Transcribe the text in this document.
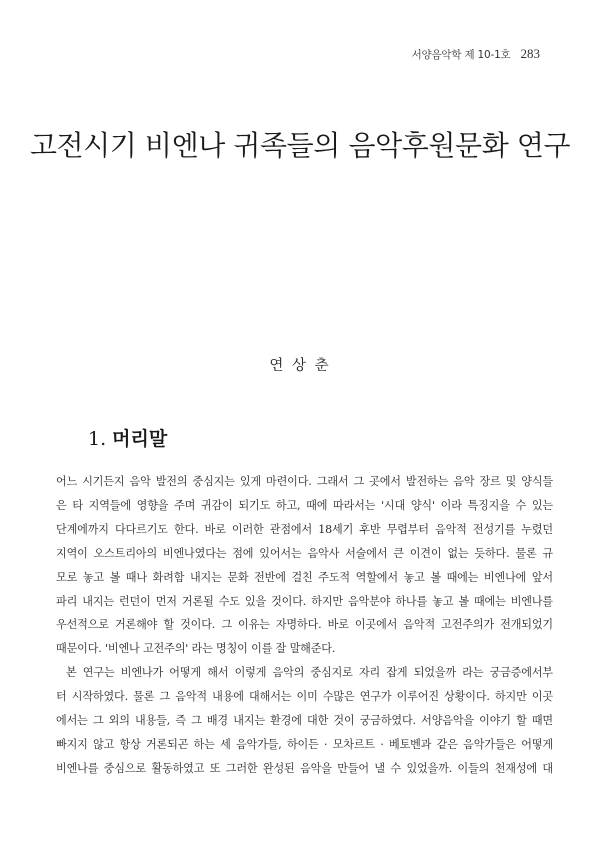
서양음악학 제 10-1호 283
고전시기 비엔나 귀족들의 음악후원문화 연구
연 상 춘
1. 머리말
어느 시기든지 음악 발전의 중심지는 있게 마련이다. 그래서 그 곳에서 발전하는 음악 장르 및 양식들
은 타 지역들에 영향을 주며 귀감이 되기도 하고, 때에 따라서는 '시대 양식' 이라 특징지을 수 있는
단계에까지 다다르기도 한다. 바로 이러한 관점에서 18세기 후반 무렵부터 음악적 전성기를 누렸던
지역이 오스트리아의 비엔나였다는 점에 있어서는 음악사 서술에서 큰 이견이 없는 듯하다. 물론 규
모로 놓고 볼 때나 화려함 내지는 문화 전반에 걸친 주도적 역할에서 놓고 볼 때에는 비엔나에 앞서
파리 내지는 런던이 먼저 거론될 수도 있을 것이다. 하지만 음악분야 하나를 놓고 볼 때에는 비엔나를
우선적으로 거론해야 할 것이다. 그 이유는 자명하다. 바로 이곳에서 음악적 고전주의가 전개되었기
때문이다. '비엔나 고전주의' 라는 명칭이 이를 잘 말해준다.
본 연구는 비엔나가 어떻게 해서 이렇게 음악의 중심지로 자리 잡게 되었을까 라는 궁금증에서부
터 시작하였다. 물론 그 음악적 내용에 대해서는 이미 수많은 연구가 이루어진 상황이다. 하지만 이곳
에서는 그 외의 내용들, 즉 그 배경 내지는 환경에 대한 것이 궁금하였다. 서양음악을 이야기 할 때면
빠지지 않고 항상 거론되곤 하는 세 음악가들, 하이든 · 모차르트 · 베토벤과 같은 음악가들은 어떻게
비엔나를 중심으로 활동하였고 또 그러한 완성된 음악을 만들어 낼 수 있었을까. 이들의 천재성에 대
